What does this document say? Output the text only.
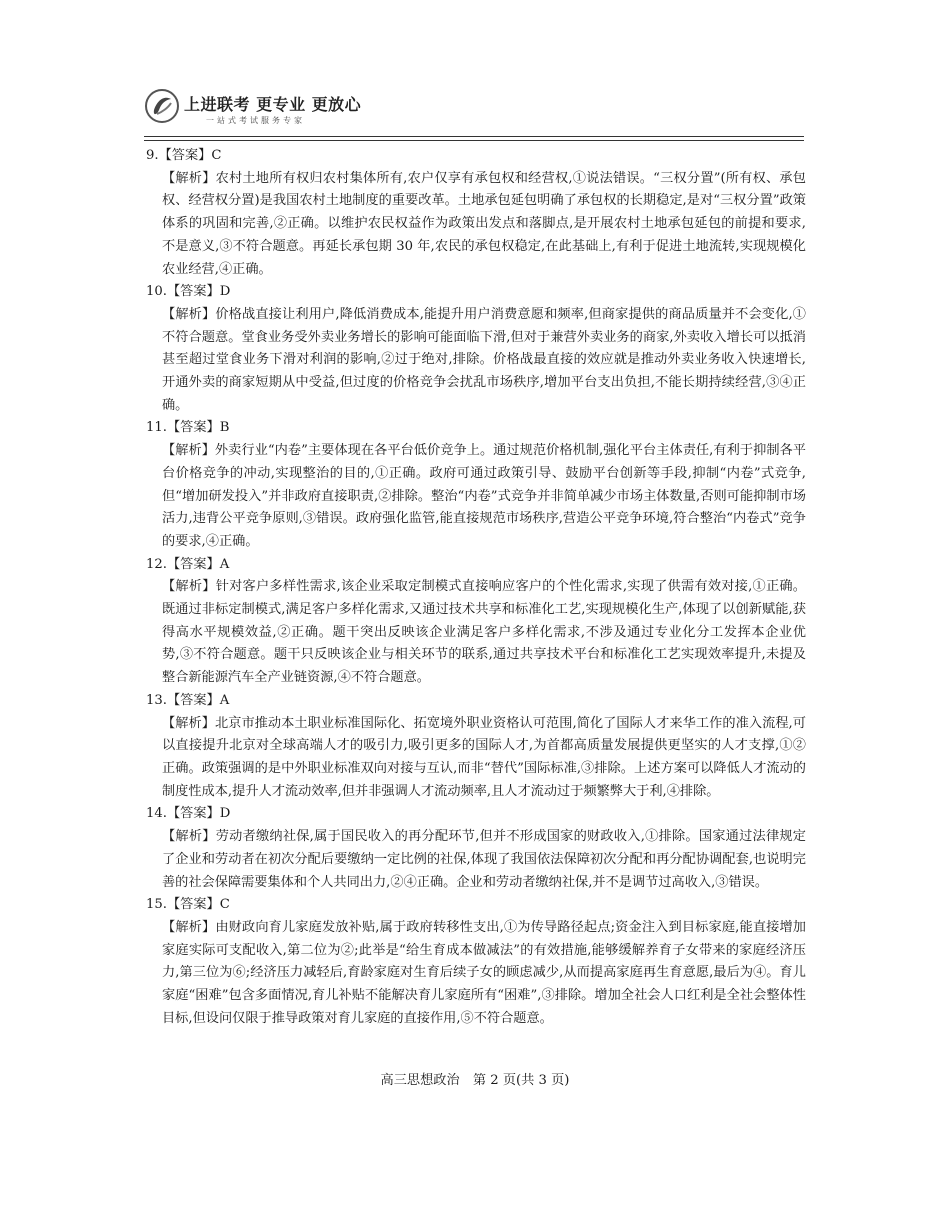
上进联考 更专业 更放心
一站式考试服务专家
9.【答案】C
【解析】农村土地所有权归农村集体所有,农户仅享有承包权和经营权,①说法错误。“三权分置”(所有权、承包权、经营权分置)是我国农村土地制度的重要改革。土地承包延包明确了承包权的长期稳定,是对“三权分置”政策体系的巩固和完善,②正确。以维护农民权益作为政策出发点和落脚点,是开展农村土地承包延包的前提和要求,不是意义,③不符合题意。再延长承包期 30 年,农民的承包权稳定,在此基础上,有利于促进土地流转,实现规模化农业经营,④正确。
10.【答案】D
【解析】价格战直接让利用户,降低消费成本,能提升用户消费意愿和频率,但商家提供的商品质量并不会变化,①不符合题意。堂食业务受外卖业务增长的影响可能面临下滑,但对于兼营外卖业务的商家,外卖收入增长可以抵消甚至超过堂食业务下滑对利润的影响,②过于绝对,排除。价格战最直接的效应就是推动外卖业务收入快速增长,开通外卖的商家短期从中受益,但过度的价格竞争会扰乱市场秩序,增加平台支出负担,不能长期持续经营,③④正确。
11.【答案】B
【解析】外卖行业“内卷”主要体现在各平台低价竞争上。通过规范价格机制,强化平台主体责任,有利于抑制各平台价格竞争的冲动,实现整治的目的,①正确。政府可通过政策引导、鼓励平台创新等手段,抑制“内卷”式竞争,但“增加研发投入”并非政府直接职责,②排除。整治“内卷”式竞争并非简单减少市场主体数量,否则可能抑制市场活力,违背公平竞争原则,③错误。政府强化监管,能直接规范市场秩序,营造公平竞争环境,符合整治“内卷式”竞争的要求,④正确。
12.【答案】A
【解析】针对客户多样性需求,该企业采取定制模式直接响应客户的个性化需求,实现了供需有效对接,①正确。既通过非标定制模式,满足客户多样化需求,又通过技术共享和标准化工艺,实现规模化生产,体现了以创新赋能,获得高水平规模效益,②正确。题干突出反映该企业满足客户多样化需求,不涉及通过专业化分工发挥本企业优势,③不符合题意。题干只反映该企业与相关环节的联系,通过共享技术平台和标准化工艺实现效率提升,未提及整合新能源汽车全产业链资源,④不符合题意。
13.【答案】A
【解析】北京市推动本土职业标准国际化、拓宽境外职业资格认可范围,简化了国际人才来华工作的准入流程,可以直接提升北京对全球高端人才的吸引力,吸引更多的国际人才,为首都高质量发展提供更坚实的人才支撑,①②正确。政策强调的是中外职业标准双向对接与互认,而非“替代”国际标准,③排除。上述方案可以降低人才流动的制度性成本,提升人才流动效率,但并非强调人才流动频率,且人才流动过于频繁弊大于利,④排除。
14.【答案】D
【解析】劳动者缴纳社保,属于国民收入的再分配环节,但并不形成国家的财政收入,①排除。国家通过法律规定了企业和劳动者在初次分配后要缴纳一定比例的社保,体现了我国依法保障初次分配和再分配协调配套,也说明完善的社会保障需要集体和个人共同出力,②④正确。企业和劳动者缴纳社保,并不是调节过高收入,③错误。
15.【答案】C
【解析】由财政向育儿家庭发放补贴,属于政府转移性支出,①为传导路径起点;资金注入到目标家庭,能直接增加家庭实际可支配收入,第二位为②;此举是“给生育成本做减法”的有效措施,能够缓解养育子女带来的家庭经济压力,第三位为⑥;经济压力减轻后,育龄家庭对生育后续子女的顾虑减少,从而提高家庭再生育意愿,最后为④。育儿家庭“困难”包含多面情况,育儿补贴不能解决育儿家庭所有“困难”,③排除。增加全社会人口红利是全社会整体性目标,但设问仅限于推导政策对育儿家庭的直接作用,⑤不符合题意。
高三思想政治　第 2 页(共 3 页)
